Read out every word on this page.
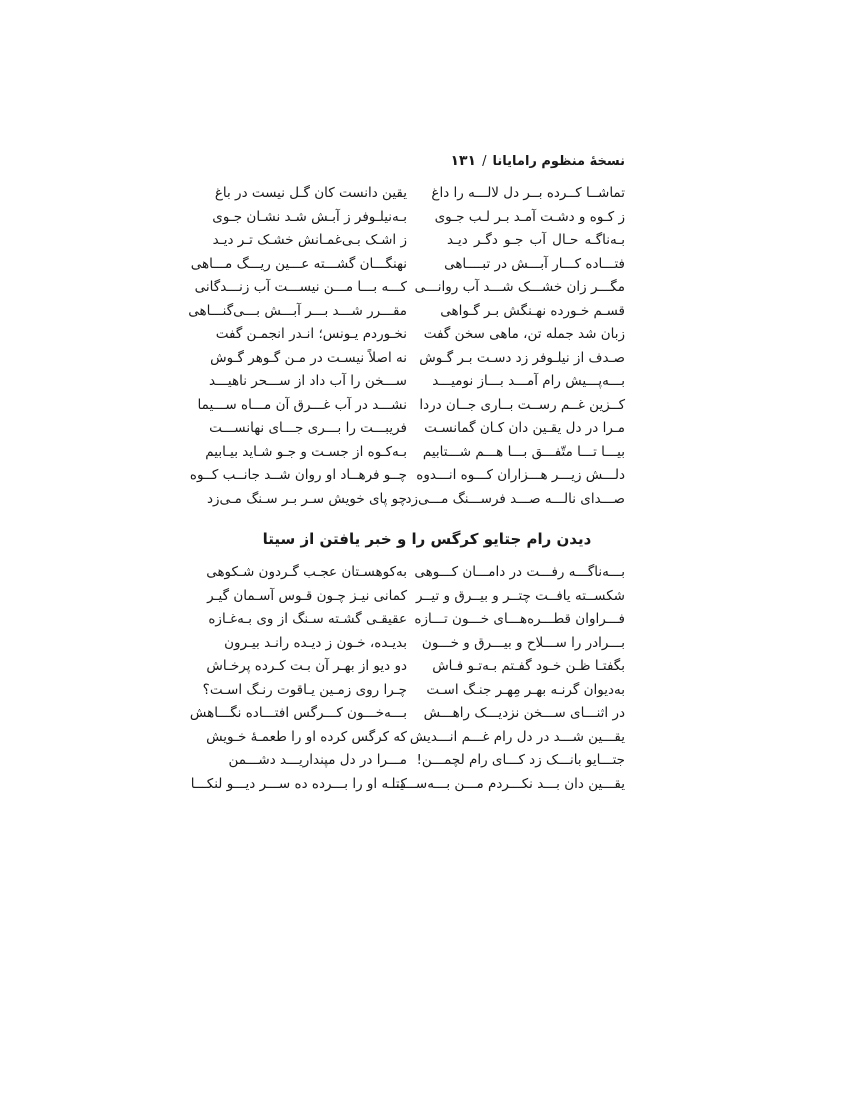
نسخهٔ منظوم رامایانا/۱۳۱
تماشــا کــرده بــر دل لالـــه را داغ
یقین دانست کان گـل نیست در باغ
ز کـوه و دشـت آمـد بـر لـب جـوی
بـه‌نیلـوفر ز آبـش شـد نشـان جـوی
بـه‌ناگـه حـال آب جـو دگـر دیـد
ز اشـک بـی‌غمـانش خشـک تـر دیـد
فتـــاده کـــار آبـــش در تبــــاهی
نهنگـــان گشـــته عـــین ریـــگ مـــاهی
مگـــر زان خشـــک شـــد آب روانـــی
کـــه بـــا مـــن نیســـت آب زنـــدگانی
قسـم خـورده نهـنگش بـر گـواهی
مقـــرر شـــد بـــر آبـــش بـــی‌گنـــاهی
زبان شد جمله تن، ماهی سخن گفت
نخـوردم یـونس؛ انـدر انجمـن گفت
صـدف از نیلـوفر زد دسـت بـر گـوش
نه اصلاً نیسـت در مـن گـوهر گـوش
بـــه‌پـــیش رام آمـــد بـــاز نومیـــد
ســـخن را آب داد از ســـحر ناهیـــد
کــزین غــم رســت بــاری جــان دردا
نشـــد در آب غـــرق آن مـــاه ســـیما
مـرا در دل یقـین دان کـان گمانسـت
فریبـــت را بـــری جـــای نهانســـت
بیـــا تـــا متّفـــق بـــا هـــم شـــتابیم
بـه‌کـوه از جسـت و جـو شـاید بیـابیم
دلـــش زیـــر هـــزاران کـــوه انـــدوه
چــو فرهــاد او روان شــد جانــب کــوه
صـــدای نالـــه صـــد فرســـنگ مـــی‌زد
چو پای خویش سـر بـر سـنگ مـی‌زد
دیدن رام جتایو کرگس را و خبر یافتن از سیتا
بـــه‌ناگـــه رفـــت در دامـــان کـــوهی
به‌کوهسـتان عجـب گـردون شـکوهی
شکســته یافــت چتــر و بیــرق و تیــر
کمانی نیـز چـون قـوس آسـمان گیـر
فـــراوان قطـــره‌هـــای خـــون تـــازه
عقیقـی گشـته سـنگ از وی بـه‌غـازه
بـــرادر را ســـلاح و بیـــرق و خـــون
بدیـده، خـون ز دیـده رانـد بیـرون
بگفتـا ظـن خـود گفـتم بـه‌تـو فـاش
دو دیو از بهـر آن بـت کـرده پرخـاش
به‌دیوان گرنـه بهـر مِهـر جنـگ اسـت
چـرا روی زمـین یـاقوت رنـگ اسـت؟
در اثنـــای ســـخن نزدیـــک راهـــش
بـــه‌خـــون کـــرگس افتـــاده نگـــاهش
یقـــین شـــد در دل رام غـــم انـــدیش
که کرگس کرده او را طعمـهٔ خـویش
جتـــایو بانـــک زد کـــای رام لچمـــن!
مـــرا در دل مپنداریـــد دشـــمن
یقـــین دان بـــد نکـــردم مـــن بـــه‌ســـیتا
کـــه او را بـــرده ده ســـر دیـــو لنکـــا
